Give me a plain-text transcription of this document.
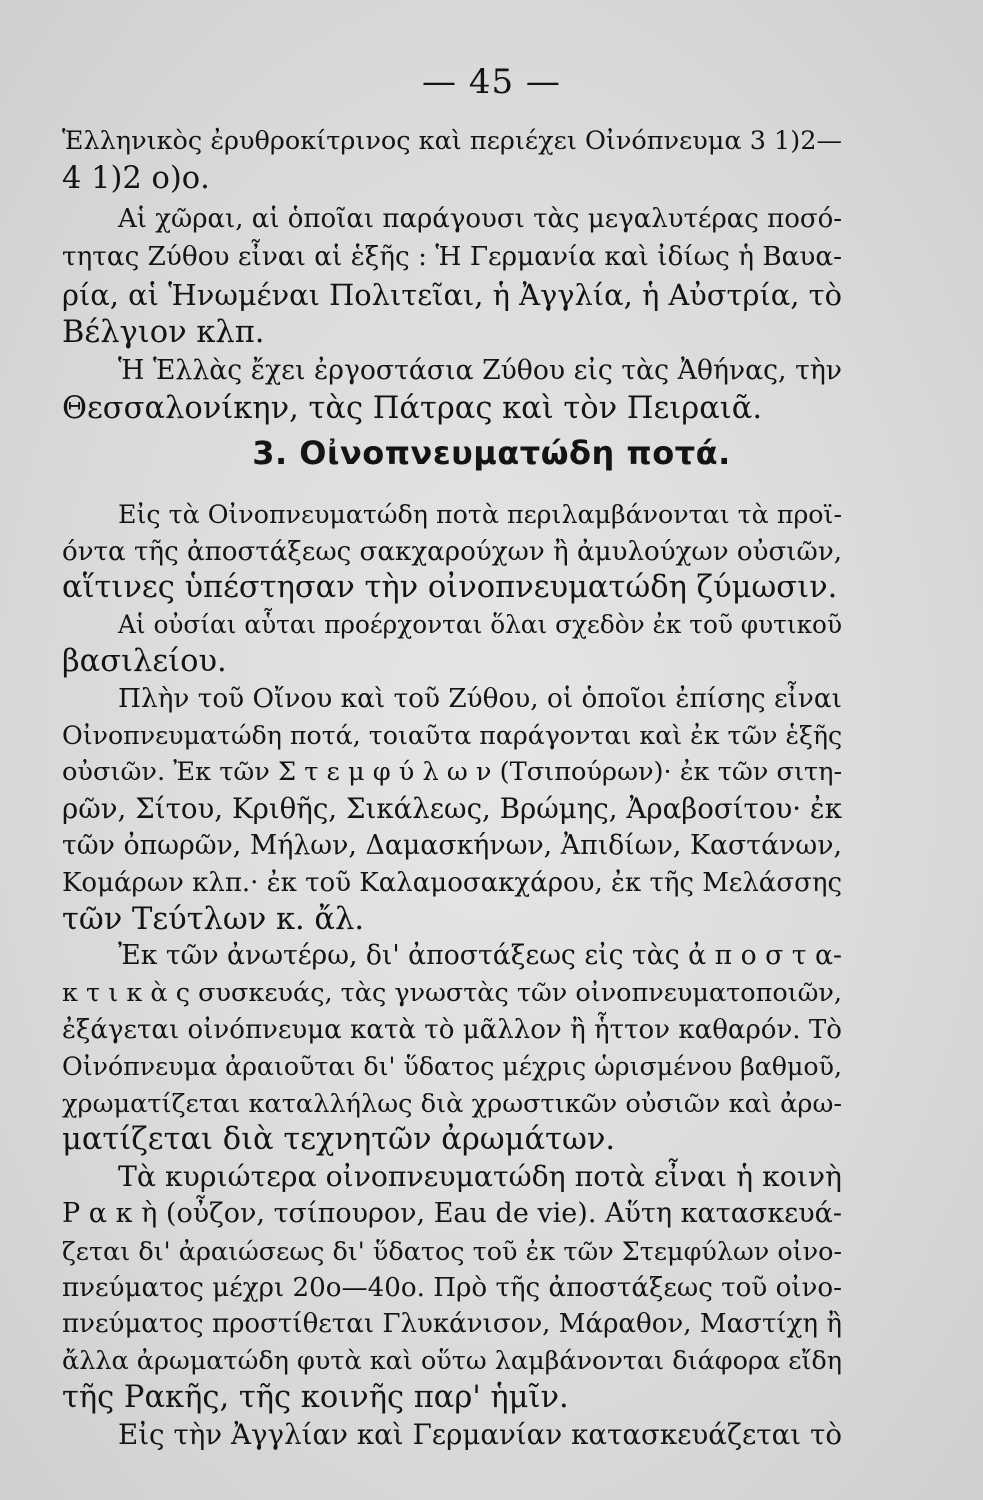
— 45 —
Ἑλληνικὸς ἐρυθροκίτρινος καὶ περιέχει Οἰνόπνευμα 3 1)2—
4 1)2 ο)ο.
Αἱ χῶραι, αἱ ὁποῖαι παράγουσι τὰς μεγαλυτέρας ποσό-
τητας Ζύθου εἶναι αἱ ἑξῆς : Ἡ Γερμανία καὶ ἰδίως ἡ Βαυα-
ρία, αἱ Ἡνωμέναι Πολιτεῖαι, ἡ Ἀγγλία, ἡ Αὐστρία, τὸ
Βέλγιον κλπ.
Ἡ Ἑλλὰς ἔχει ἐργοστάσια Ζύθου εἰς τὰς Ἀθήνας, τὴν
Θεσσαλονίκην, τὰς Πάτρας καὶ τὸν Πειραιᾶ.
3. Οἰνοπνευματώδη ποτά.
Εἰς τὰ Οἰνοπνευματώδη ποτὰ περιλαμβάνονται τὰ προϊ-
όντα τῆς ἀποστάξεως σακχαρούχων ἢ ἀμυλούχων οὐσιῶν,
αἵτινες ὑπέστησαν τὴν οἰνοπνευματώδη ζύμωσιν.
Αἱ οὐσίαι αὗται προέρχονται ὅλαι σχεδὸν ἐκ τοῦ φυτικοῦ
βασιλείου.
Πλὴν τοῦ Οἴνου καὶ τοῦ Ζύθου, οἱ ὁποῖοι ἐπίσης εἶναι
Οἰνοπνευματώδη ποτά, τοιαῦτα παράγονται καὶ ἐκ τῶν ἑξῆς
οὐσιῶν. Ἐκ τῶν Σ τ ε μ φ ύ λ ω ν (Τσιπούρων)· ἐκ τῶν σιτη-
ρῶν, Σίτου, Κριθῆς, Σικάλεως, Βρώμης, Ἀραβοσίτου· ἐκ
τῶν ὀπωρῶν, Μήλων, Δαμασκήνων, Ἀπιδίων, Καστάνων,
Κομάρων κλπ.· ἐκ τοῦ Καλαμοσακχάρου, ἐκ τῆς Μελάσσης
τῶν Τεύτλων κ. ἄλ.
Ἐκ τῶν ἀνωτέρω, δι' ἀποστάξεως εἰς τὰς ἀ π ο σ τ α-
κ τ ι κ ὰ ς συσκευάς, τὰς γνωστὰς τῶν οἰνοπνευματοποιῶν,
ἐξάγεται οἰνόπνευμα κατὰ τὸ μᾶλλον ἢ ἧττον καθαρόν. Τὸ
Οἰνόπνευμα ἀραιοῦται δι' ὕδατος μέχρις ὡρισμένου βαθμοῦ,
χρωματίζεται καταλλήλως διὰ χρωστικῶν οὐσιῶν καὶ ἀρω-
ματίζεται διὰ τεχνητῶν ἀρωμάτων.
Τὰ κυριώτερα οἰνοπνευματώδη ποτὰ εἶναι ἡ κοινὴ
Ρ α κ ὴ (οὖζον, τσίπουρον, Eau de vie). Αὕτη κατασκευά-
ζεται δι' ἀραιώσεως δι' ὕδατος τοῦ ἐκ τῶν Στεμφύλων οἰνο-
πνεύματος μέχρι 20ο—40ο. Πρὸ τῆς ἀποστάξεως τοῦ οἰνο-
πνεύματος προστίθεται Γλυκάνισον, Μάραθον, Μαστίχη ἢ
ἄλλα ἀρωματώδη φυτὰ καὶ οὕτω λαμβάνονται διάφορα εἴδη
τῆς Ρακῆς, τῆς κοινῆς παρ' ἡμῖν.
Εἰς τὴν Ἀγγλίαν καὶ Γερμανίαν κατασκευάζεται τὸ
